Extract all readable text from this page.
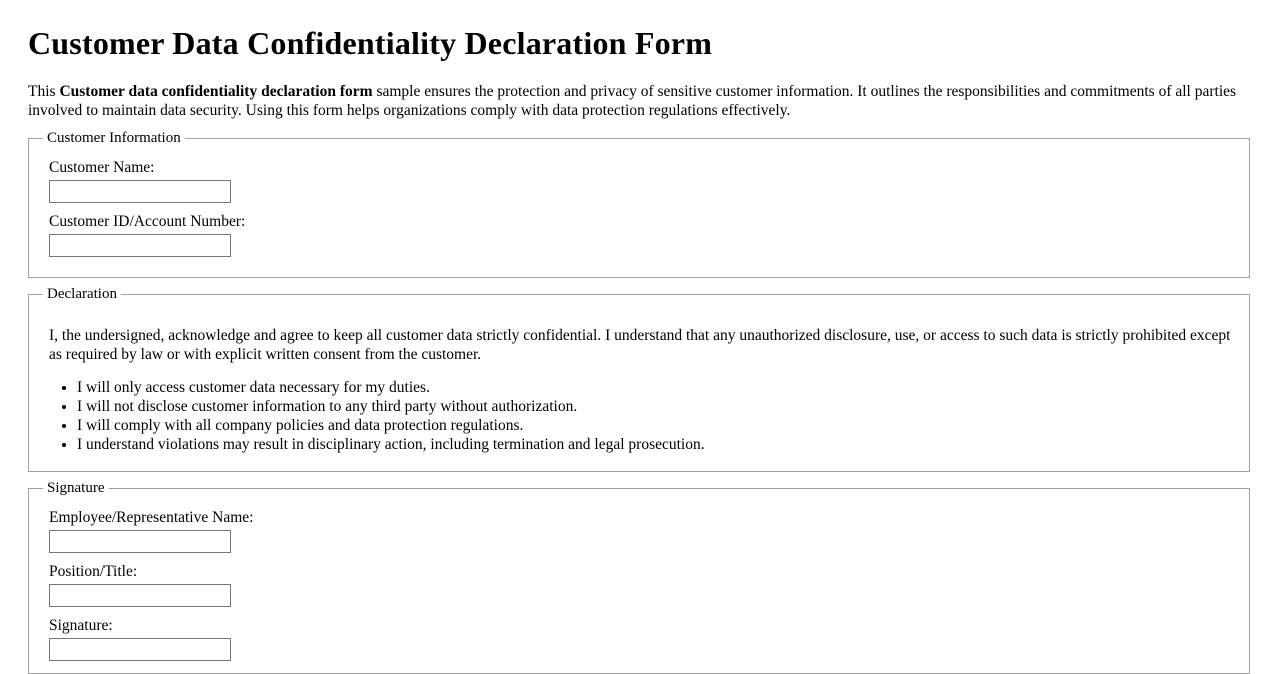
Customer Data Confidentiality Declaration Form

This Customer data confidentiality declaration form sample ensures the protection and privacy of sensitive customer information. It outlines the responsibilities and commitments of all parties involved to maintain data security. Using this form helps organizations comply with data protection regulations effectively.

Customer Information
Customer Name:
Customer ID/Account Number:
Declaration

I, the undersigned, acknowledge and agree to keep all customer data strictly confidential. I understand that any unauthorized disclosure, use, or access to such data is strictly prohibited except as required by law or with explicit written consent from the customer.

• I will only access customer data necessary for my duties.
• I will not disclose customer information to any third party without authorization.
• I will comply with all company policies and data protection regulations.
• I understand violations may result in disciplinary action, including termination and legal prosecution.
Signature
Employee/Representative Name:
Position/Title:
Signature:
